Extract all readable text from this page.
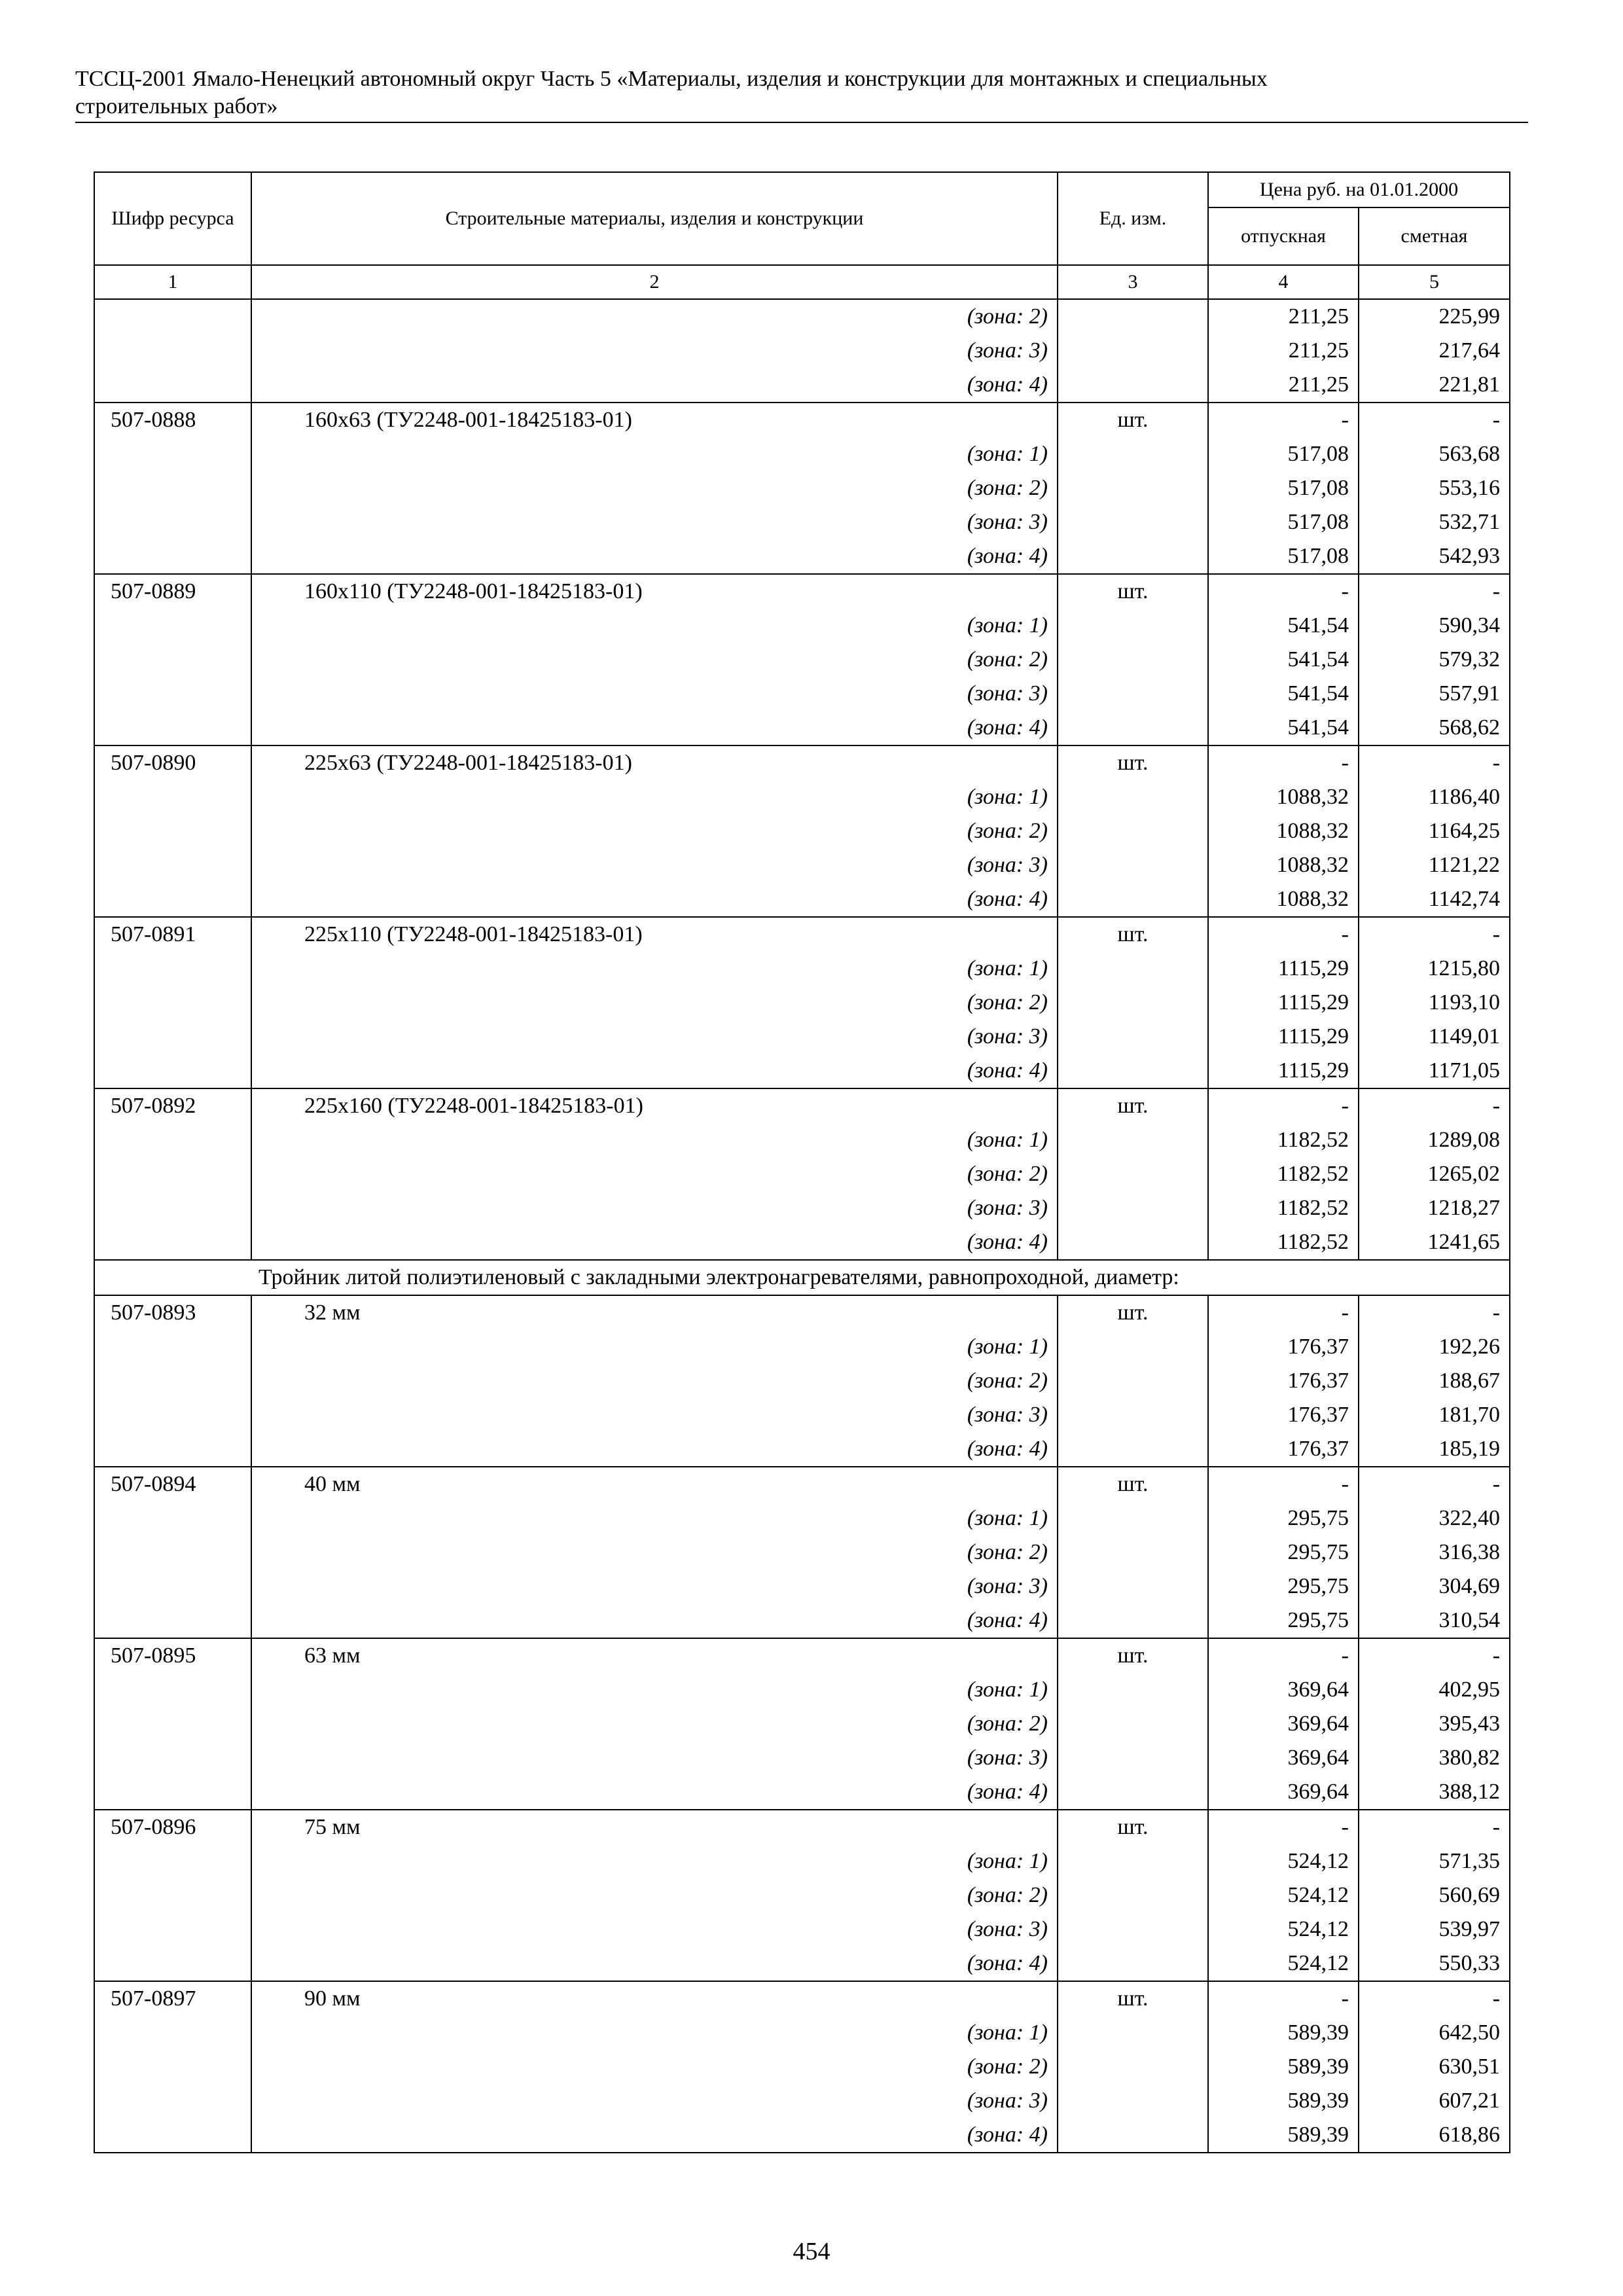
ТССЦ-2001 Ямало-Ненецкий автономный округ Часть 5 «Материалы, изделия и конструкции для монтажных и специальных
строительных работ»
Шифр ресурса	Строительные материалы, изделия и конструкции	Ед. изм.	Цена руб. на 01.01.2000	
			отпускная	сметная
1	2	3	4	5
	(зона: 2)		211,25	225,99
	(зона: 3)		211,25	217,64
	(зона: 4)		211,25	221,81
507-0888	160х63 (ТУ2248-001-18425183-01)	шт.	-	-
	(зона: 1)		517,08	563,68
	(зона: 2)		517,08	553,16
	(зона: 3)		517,08	532,71
	(зона: 4)		517,08	542,93
507-0889	160х110 (ТУ2248-001-18425183-01)	шт.	-	-
	(зона: 1)		541,54	590,34
	(зона: 2)		541,54	579,32
	(зона: 3)		541,54	557,91
	(зона: 4)		541,54	568,62
507-0890	225х63 (ТУ2248-001-18425183-01)	шт.	-	-
	(зона: 1)		1088,32	1186,40
	(зона: 2)		1088,32	1164,25
	(зона: 3)		1088,32	1121,22
	(зона: 4)		1088,32	1142,74
507-0891	225х110 (ТУ2248-001-18425183-01)	шт.	-	-
	(зона: 1)		1115,29	1215,80
	(зона: 2)		1115,29	1193,10
	(зона: 3)		1115,29	1149,01
	(зона: 4)		1115,29	1171,05
507-0892	225х160 (ТУ2248-001-18425183-01)	шт.	-	-
	(зона: 1)		1182,52	1289,08
	(зона: 2)		1182,52	1265,02
	(зона: 3)		1182,52	1218,27
	(зона: 4)		1182,52	1241,65
Тройник литой полиэтиленовый с закладными электронагревателями, равнопроходной, диаметр:				
507-0893	32 мм	шт.	-	-
	(зона: 1)		176,37	192,26
	(зона: 2)		176,37	188,67
	(зона: 3)		176,37	181,70
	(зона: 4)		176,37	185,19
507-0894	40 мм	шт.	-	-
	(зона: 1)		295,75	322,40
	(зона: 2)		295,75	316,38
	(зона: 3)		295,75	304,69
	(зона: 4)		295,75	310,54
507-0895	63 мм	шт.	-	-
	(зона: 1)		369,64	402,95
	(зона: 2)		369,64	395,43
	(зона: 3)		369,64	380,82
	(зона: 4)		369,64	388,12
507-0896	75 мм	шт.	-	-
	(зона: 1)		524,12	571,35
	(зона: 2)		524,12	560,69
	(зона: 3)		524,12	539,97
	(зона: 4)		524,12	550,33
507-0897	90 мм	шт.	-	-
	(зона: 1)		589,39	642,50
	(зона: 2)		589,39	630,51
	(зона: 3)		589,39	607,21
	(зона: 4)		589,39	618,86
454
